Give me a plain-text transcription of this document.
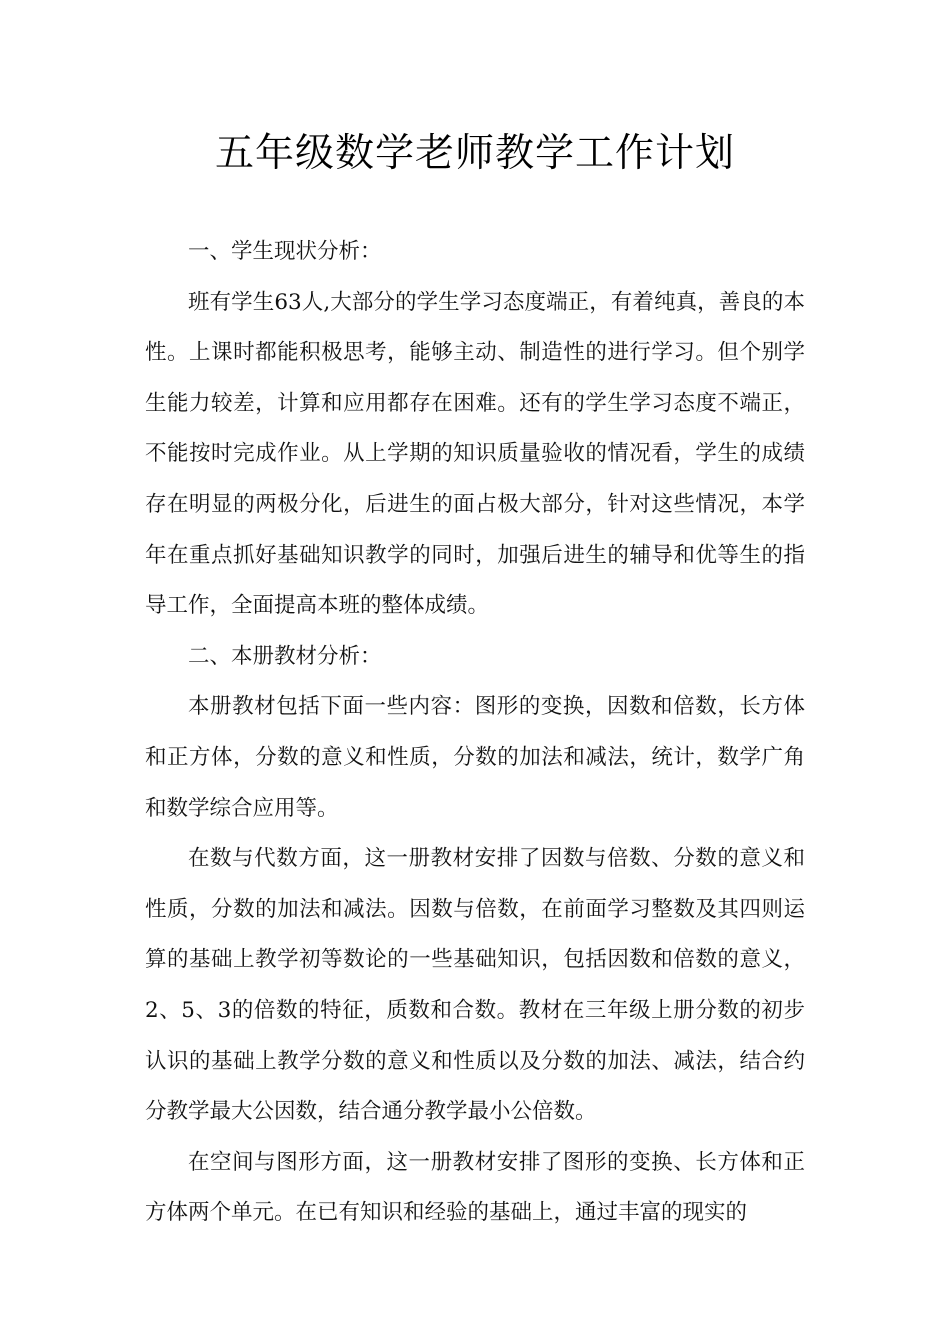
五年级数学老师教学工作计划

一、学生现状分析：

班有学生63人,大部分的学生学习态度端正，有着纯真，善良的本性。上课时都能积极思考，能够主动、制造性的进行学习。但个别学生能力较差，计算和应用都存在困难。还有的学生学习态度不端正，不能按时完成作业。从上学期的知识质量验收的情况看，学生的成绩存在明显的两极分化，后进生的面占极大部分，针对这些情况，本学年在重点抓好基础知识教学的同时，加强后进生的辅导和优等生的指导工作，全面提高本班的整体成绩。

二、本册教材分析：

本册教材包括下面一些内容：图形的变换，因数和倍数，长方体和正方体，分数的意义和性质，分数的加法和减法，统计，数学广角和数学综合应用等。

在数与代数方面，这一册教材安排了因数与倍数、分数的意义和性质，分数的加法和减法。因数与倍数，在前面学习整数及其四则运算的基础上教学初等数论的一些基础知识，包括因数和倍数的意义，2、5、3的倍数的特征，质数和合数。教材在三年级上册分数的初步认识的基础上教学分数的意义和性质以及分数的加法、减法，结合约分教学最大公因数，结合通分教学最小公倍数。

在空间与图形方面，这一册教材安排了图形的变换、长方体和正方体两个单元。在已有知识和经验的基础上，通过丰富的现实的
